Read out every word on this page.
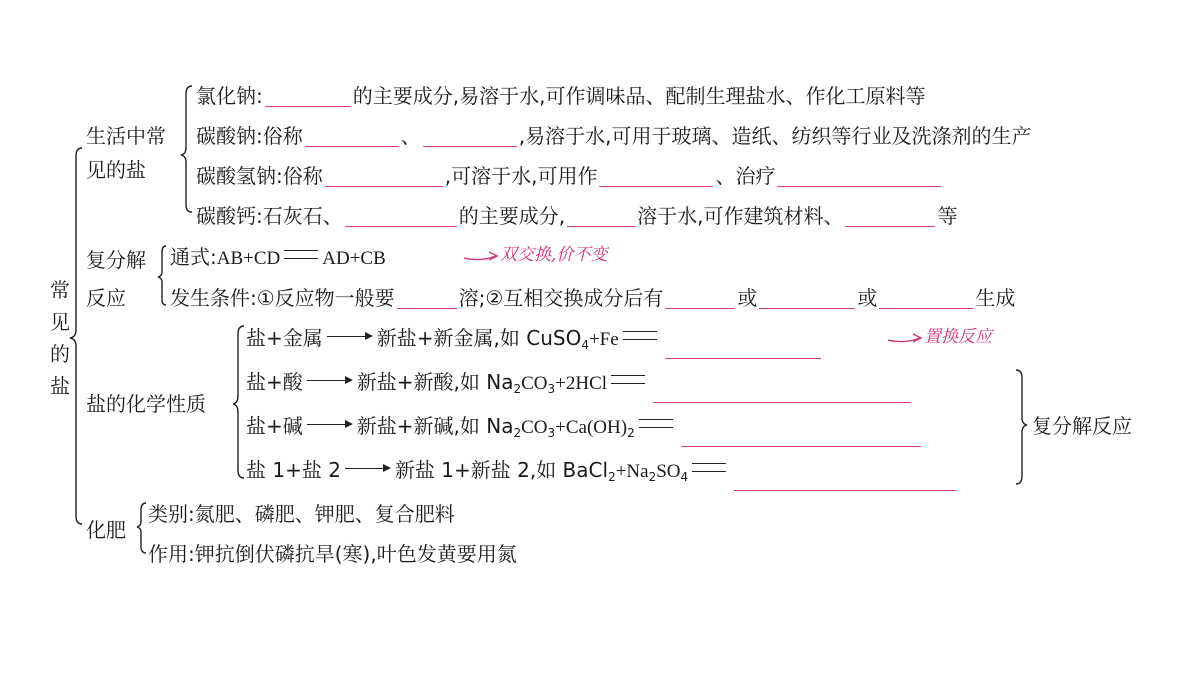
常
见
的
盐
生活中常
见的盐
氯化钠:	的主要成分,易溶于水,可作调味品、配制生理盐水、作化工原料等
碳酸钠:俗称	、	,易溶于水,可用于玻璃、造纸、纺织等行业及洗涤剂的生产
碳酸氢钠:俗称	,可溶于水,可用作	、治疗
碳酸钙:石灰石、	的主要成分,	溶于水,可作建筑材料、	等
复分解
反应
通式:AB+CD AD+CB	双交换,价不变
发生条件:①反应物一般要	溶;②互相交换成分后有	或	或	生成
盐的化学性质
盐+金属	新盐+新金属,如 CuSO$_4$+Fe	置换反应
盐+酸	新盐+新酸,如 $Na_2CO_3+2HCl$
盐+碱	新盐+新碱,如 $Na_2CO_3+Ca(OH)_2$
盐 1+盐 2	新盐 1+新盐 2,如 $BaCl_2+Na_2SO_4$
复分解反应
化肥
类别:氮肥、磷肥、钾肥、复合肥料
作用:钾抗倒伏磷抗旱(寒),叶色发黄要用氮
